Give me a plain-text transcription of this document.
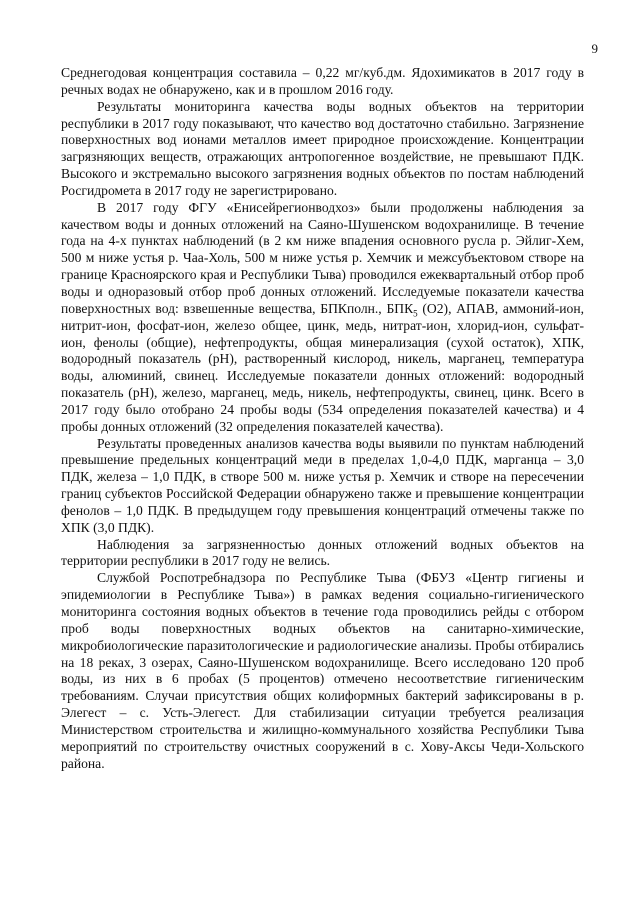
9

Среднегодовая концентрация составила – 0,22 мг/куб.дм. Ядохимикатов в 2017 году в речных водах не обнаружено, как и в прошлом 2016 году.

Результаты мониторинга качества воды водных объектов на территории республики в 2017 году показывают, что качество вод достаточно стабильно. Загрязнение поверхностных вод ионами металлов имеет природное происхождение. Концентрации загрязняющих веществ, отражающих антропогенное воздействие, не превышают ПДК. Высокого и экстремально высокого загрязнения водных объектов по постам наблюдений Росгидромета в 2017 году не зарегистрировано.

В 2017 году ФГУ «Енисейрегионводхоз» были продолжены наблюдения за качеством воды и донных отложений на Саяно-Шушенском водохранилище. В течение года на 4-х пунктах наблюдений (в 2 км ниже впадения основного русла р. Эйлиг-Хем, 500 м ниже устья р. Чаа-Холь, 500 м ниже устья р. Хемчик и межсубъектовом створе на границе Красноярского края и Республики Тыва) проводился ежеквартальный отбор проб воды и одноразовый отбор проб донных отложений. Исследуемые показатели качества поверхностных вод: взвешенные вещества, БПКполн., $БПК_5$ (О2), АПАВ, аммоний-ион, нитрит-ион, фосфат-ион, железо общее, цинк, медь, нитрат-ион, хлорид-ион, сульфат-ион, фенолы (общие), нефтепродукты, общая минерализация (сухой остаток), ХПК, водородный показатель (рН), растворенный кислород, никель, марганец, температура воды, алюминий, свинец. Исследуемые показатели донных отложений: водородный показатель (рН), железо, марганец, медь, никель, нефтепродукты, свинец, цинк. Всего в 2017 году было отобрано 24 пробы воды (534 определения показателей качества) и 4 пробы донных отложений (32 определения показателей качества).

Результаты проведенных анализов качества воды выявили по пунктам наблюдений превышение предельных концентраций меди в пределах 1,0-4,0 ПДК, марганца – 3,0 ПДК, железа – 1,0 ПДК, в створе 500 м. ниже устья р. Хемчик и створе на пересечении границ субъектов Российской Федерации обнаружено также и превышение концентрации фенолов – 1,0 ПДК. В предыдущем году превышения концентраций отмечены также по ХПК (3,0 ПДК).

Наблюдения за загрязненностью донных отложений водных объектов на территории республики в 2017 году не велись.

Службой Роспотребнадзора по Республике Тыва (ФБУЗ «Центр гигиены и эпидемиологии в Республике Тыва») в рамках ведения социально-гигиенического мониторинга состояния водных объектов в течение года проводились рейды с отбором проб воды поверхностных водных объектов на санитарно-химические, микробиологические паразитологические и радиологические анализы. Пробы отбирались на 18 реках, 3 озерах, Саяно-Шушенском водохранилище. Всего исследовано 120 проб воды, из них в 6 пробах (5 процентов) отмечено несоответствие гигиеническим требованиям. Случаи присутствия общих колиформных бактерий зафиксированы в р. Элегест – с. Усть-Элегест. Для стабилизации ситуации требуется реализация Министерством строительства и жилищно-коммунального хозяйства Республики Тыва мероприятий по строительству очистных сооружений в с. Хову-Аксы Чеди-Хольского района.
